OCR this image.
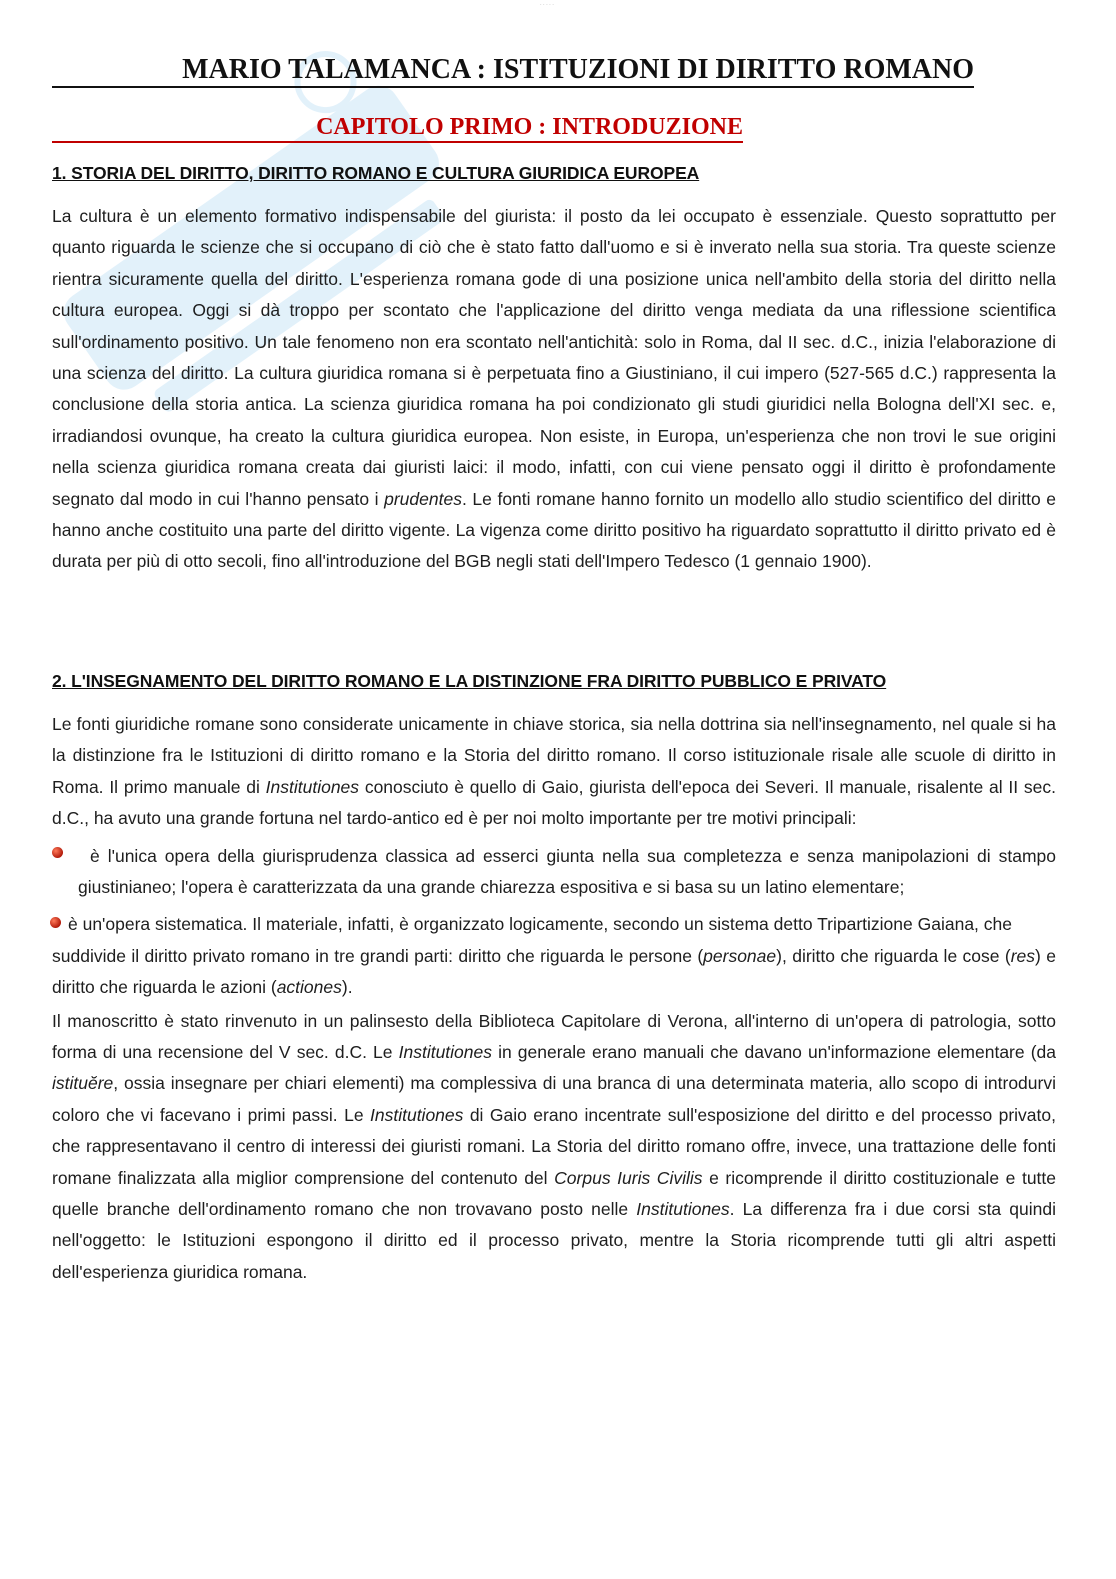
· · · · ·
MARIO TALAMANCA : ISTITUZIONI DI DIRITTO ROMANO
CAPITOLO PRIMO : INTRODUZIONE
1. STORIA DEL DIRITTO, DIRITTO ROMANO E CULTURA GIURIDICA EUROPEA

La cultura è un elemento formativo indispensabile del giurista: il posto da lei occupato è essenziale. Questo soprattutto per quanto riguarda le scienze che si occupano di ciò che è stato fatto dall'uomo e si è inverato nella sua storia. Tra queste scienze rientra sicuramente quella del diritto. L'esperienza romana gode di una posizione unica nell'ambito della storia del diritto nella cultura europea. Oggi si dà troppo per scontato che l'applicazione del diritto venga mediata da una riflessione scientifica sull'ordinamento positivo. Un tale fenomeno non era scontato nell'antichità: solo in Roma, dal II sec. d.C., inizia l'elaborazione di una scienza del diritto. La cultura giuridica romana si è perpetuata fino a Giustiniano, il cui impero (527-565 d.C.) rappresenta la conclusione della storia antica. La scienza giuridica romana ha poi condizionato gli studi giuridici nella Bologna dell'XI sec. e, irradiandosi ovunque, ha creato la cultura giuridica europea. Non esiste, in Europa, un'esperienza che non trovi le sue origini nella scienza giuridica romana creata dai giuristi laici: il modo, infatti, con cui viene pensato oggi il diritto è profondamente segnato dal modo in cui l'hanno pensato i prudentes. Le fonti romane hanno fornito un modello allo studio scientifico del diritto e hanno anche costituito una parte del diritto vigente. La vigenza come diritto positivo ha riguardato soprattutto il diritto privato ed è durata per più di otto secoli, fino all'introduzione del BGB negli stati dell'Impero Tedesco (1 gennaio 1900).

2. L'INSEGNAMENTO DEL DIRITTO ROMANO E LA DISTINZIONE FRA DIRITTO PUBBLICO E PRIVATO

Le fonti giuridiche romane sono considerate unicamente in chiave storica, sia nella dottrina sia nell'insegnamento, nel quale si ha la distinzione fra le Istituzioni di diritto romano e la Storia del diritto romano. Il corso istituzionale risale alle scuole di diritto in Roma. Il primo manuale di Institutiones conosciuto è quello di Gaio, giurista dell'epoca dei Severi. Il manuale, risalente al II sec. d.C., ha avuto una grande fortuna nel tardo-antico ed è per noi molto importante per tre motivi principali:

è l'unica opera della giurisprudenza classica ad esserci giunta nella sua completezza e senza manipolazioni di stampo giustinianeo; l'opera è caratterizzata da una grande chiarezza espositiva e si basa su un latino elementare;

è un'opera sistematica. Il materiale, infatti, è organizzato logicamente, secondo un sistema detto Tripartizione Gaiana, che

suddivide il diritto privato romano in tre grandi parti: diritto che riguarda le persone (personae), diritto che riguarda le cose (res) e diritto che riguarda le azioni (actiones).

Il manoscritto è stato rinvenuto in un palinsesto della Biblioteca Capitolare di Verona, all'interno di un'opera di patrologia, sotto forma di una recensione del V sec. d.C. Le Institutiones in generale erano manuali che davano un'informazione elementare (da istituĕre, ossia insegnare per chiari elementi) ma complessiva di una branca di una determinata materia, allo scopo di introdurvi coloro che vi facevano i primi passi. Le Institutiones di Gaio erano incentrate sull'esposizione del diritto e del processo privato, che rappresentavano il centro di interessi dei giuristi romani. La Storia del diritto romano offre, invece, una trattazione delle fonti romane finalizzata alla miglior comprensione del contenuto del Corpus Iuris Civilis e ricomprende il diritto costituzionale e tutte quelle branche dell'ordinamento romano che non trovavano posto nelle Institutiones. La differenza fra i due corsi sta quindi nell'oggetto: le Istituzioni espongono il diritto ed il processo privato, mentre la Storia ricomprende tutti gli altri aspetti dell'esperienza giuridica romana.
